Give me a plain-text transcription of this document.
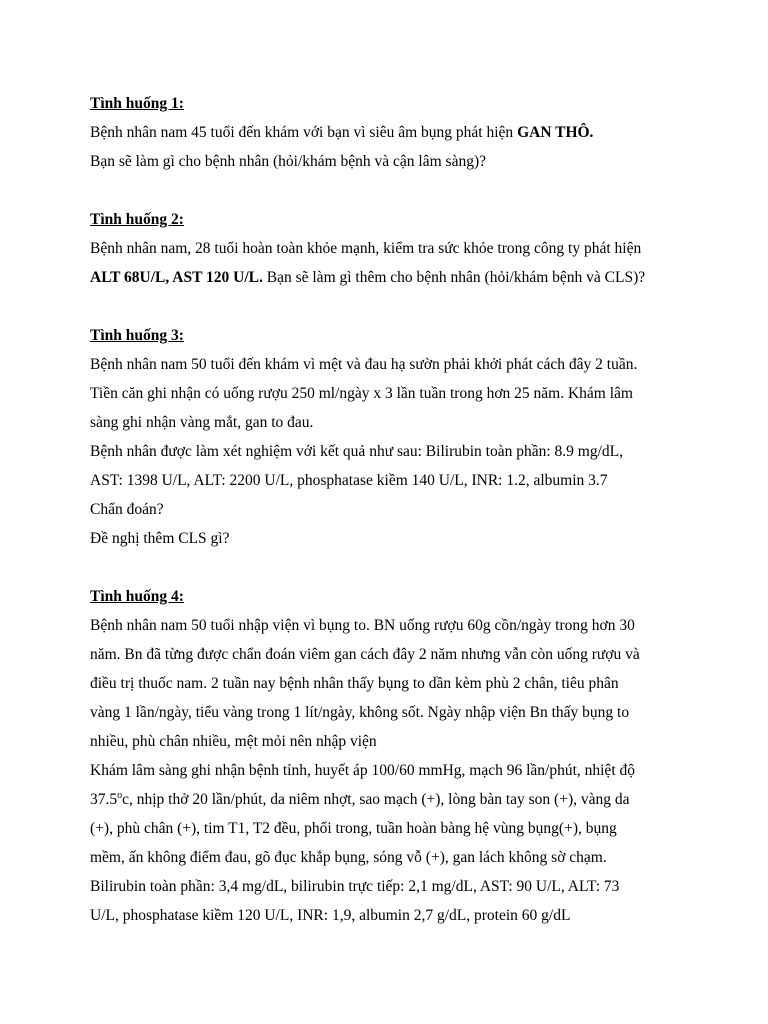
Tình huống 1:
Bệnh nhân nam 45 tuổi đến khám với bạn vì siêu âm bụng phát hiện GAN THÔ.
Bạn sẽ làm gì cho bệnh nhân (hỏi/khám bệnh và cận lâm sàng)?
Tình huống 2:
Bệnh nhân nam, 28 tuổi hoàn toàn khỏe mạnh, kiểm tra sức khỏe trong công ty phát hiện
ALT 68U/L, AST 120 U/L. Bạn sẽ làm gì thêm cho bệnh nhân (hỏi/khám bệnh và CLS)?
Tình huống 3:
Bệnh nhân nam 50 tuổi đến khám vì mệt và đau hạ sườn phải khởi phát cách đây 2 tuần.
Tiền căn ghi nhận có uống rượu 250 ml/ngày x 3 lần tuần trong hơn 25 năm. Khám lâm
sàng ghi nhận vàng mắt, gan to đau.
Bệnh nhân được làm xét nghiệm với kết quả như sau: Bilirubin toàn phần: 8.9 mg/dL,
AST: 1398 U/L, ALT: 2200 U/L, phosphatase kiềm 140 U/L, INR: 1.2, albumin 3.7
Chẩn đoán?
Đề nghị thêm CLS gì?
Tình huống 4:
Bệnh nhân nam 50 tuổi nhập viện vì bụng to. BN uống rượu 60g cồn/ngày trong hơn 30
năm. Bn đã từng được chẩn đoán viêm gan cách đây 2 năm nhưng vẫn còn uống rượu và
điều trị thuốc nam. 2 tuần nay bệnh nhân thấy bụng to dần kèm phù 2 chân, tiêu phân
vàng 1 lần/ngày, tiểu vàng trong 1 lít/ngày, không sốt. Ngày nhập viện Bn thấy bụng to
nhiều, phù chân nhiều, mệt mỏi nên nhập viện
Khám lâm sàng ghi nhận bệnh tỉnh, huyết áp 100/60 mmHg, mạch 96 lần/phút, nhiệt độ
37.5$^o$c, nhịp thở 20 lần/phút, da niêm nhợt, sao mạch (+), lòng bàn tay son (+), vàng da
(+), phù chân (+), tim T1, T2 đều, phổi trong, tuần hoàn bàng hệ vùng bụng(+), bụng
mềm, ấn không điểm đau, gõ đục khắp bụng, sóng vỗ (+), gan lách không sờ chạm.
Bilirubin toàn phần: 3,4 mg/dL, bilirubin trực tiếp: 2,1 mg/dL, AST: 90 U/L, ALT: 73
U/L, phosphatase kiềm 120 U/L, INR: 1,9, albumin 2,7 g/dL, protein 60 g/dL
